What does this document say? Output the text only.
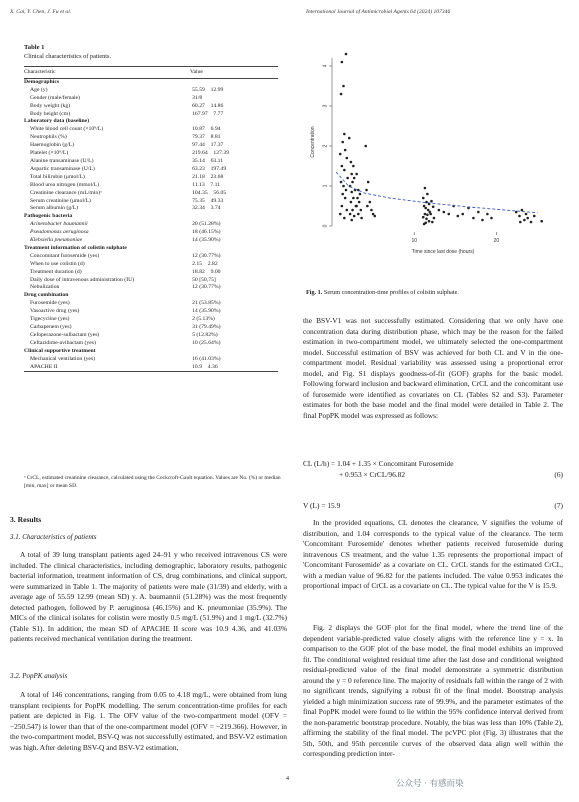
X. Cai, Y. Chen, J. Fu et al.	International Journal of Antimicrobial Agents 64 (2024) 107346
Table 1
Clinical characteristics of patients.
Characteristic	Value
Demographics
Age (y)	55.59    12.99
Gender (male/female)	31/8
Body weight (kg)	60.27    14.86
Body height (cm)	167.97    7.77
Laboratory data (baseline)
White blood cell count (×10⁹/L)	10.87    6.94
Neutrophils (%)	79.37    8.81
Haemoglobin (g/L)	97.44    17.37
Platelet (×10⁹/L)	219.64    127.39
Alanine transaminase (U/L)	35.14    63.11
Aspartic transaminase (U/L)	63.23    197.49
Total bilirubin (μmol/L)	21.18    23.68
Blood urea nitrogen (mmol/L)	11.13    7.11
Creatinine clearance (mL/min)ᵃ	104.35    56.05
Serum creatinine (μmol/L)	75.35    49.33
Serum albumin (g/L)	32.34    3.74
Pathogenic bacteria
Acinetobacter baumannii	20 (51.28%)
Pseudomonas aeruginosa	18 (46.15%)
Klebsiella pneumoniae	14 (35.90%)
Treatment information of colistin sulphate
Concomitant furosemide (yes)	12 (30.77%)
When to use colistin (d)	2.15    2.82
Treatment duration (d)	18.82    9.00
Daily dose of intravenous administration (IU)	50 [50,75]
Nebulization	12 (30.77%)
Drug combination
Furosemide (yes)	21 (53.85%)
Vasoactive drug (yes)	14 (35.90%)
Tigecycline (yes)	2 (5.13%)
Carbapenem (yes)	31 (79.49%)
Cefoperazone-sulbactam (yes)	5 (12.82%)
Ceftazidime-avibactam (yes)	10 (25.64%)
Clinical supportive treatment
Mechanical ventilation (yes)	16 (41.03%)
APACHE II	10.9    4.36
ᵃ CrCL, estimated creatinine clearance, calculated using the Cockcroft-Gault equation. Values are No. (%) or median [min, max] or mean SD.
3. Results
3.1. Characteristics of patients
A total of 39 lung transplant patients aged 24–91 y who received intravenous CS were included. The clinical characteristics, including demographic, laboratory results, pathogenic bacterial information, treatment information of CS, drug combinations, and clinical support, were summarized in Table 1. The majority of patients were male (31/39) and elderly, with a average age of 55.59 12.99 (mean SD) y. A. baumannii (51.28%) was the most frequently detected pathogen, followed by P. aeruginosa (46.15%) and K. pneumoniae (35.9%). The MICs of the clinical isolates for colistin were mostly 0.5 mg/L (51.9%) and 1 mg/L (32.7%) (Table S1). In addition, the mean SD of APACHE II score was 10.9 4.36, and 41.03% patients received mechanical ventilation during the treatment.
3.2. PopPK analysis
A total of 146 concentrations, ranging from 0.05 to 4.18 mg/L, were obtained from lung transplant recipients for PopPK modelling. The serum concentration-time profiles for each patient are depicted in Fig. 1. The OFV value of the two-compartment model (OFV = −250.547) is lower than that of the one-compartment model (OFV = −219.366). However, in the two-compartment model, BSV-Q was not successfully estimated, and BSV-V2 estimation was high. After deleting BSV-Q and BSV-V2 estimation,
0
1
2
3
4
10	20
Concentration
Time since last dose (hours)
Fig. 1. Serum concentration-time profiles of colistin sulphate.
the BSV-V1 was not successfully estimated. Considering that we only have one concentration data during distribution phase, which may be the reason for the failed estimation in two-compartment model, we ultimately selected the one-compartment model. Successful estimation of BSV was achieved for both CL and V in the one-compartment model. Residual variability was assessed using a proportional error model, and Fig. S1 displays goodness-of-fit (GOF) graphs for the basic model. Following forward inclusion and backward elimination, CrCL and the concomitant use of furosemide were identified as covariates on CL (Tables S2 and S3). Parameter estimates for both the base model and the final model were detailed in Table 2. The final PopPK model was expressed as follows:
CL (L/h) = 1.04 + 1.35 × Concomitant Furosemide
+ 0.953 × CrCL/96.82	(6)
V (L) = 15.9	(7)
In the provided equations, CL denotes the clearance, V signifies the volume of distribution, and 1.04 corresponds to the typical value of the clearance. The term 'Concomitant Furosemide' denotes whether patients received furosemide during intravenous CS treatment, and the value 1.35 represents the proportional impact of 'Concomitant Furosemide' as a covariate on CL. CrCL stands for the estimated CrCL, with a median value of 96.82 for the patients included. The value 0.953 indicates the proportional impact of CrCL as a covariate on CL. The typical value for the V is 15.9.
Fig. 2 displays the GOF plot for the final model, where the trend line of the dependent variable-predicted value closely aligns with the reference line y = x. In comparison to the GOF plot of the base model, the final model exhibits an improved fit. The conditional weighted residual time after the last dose and conditional weighted residual-predicted value of the final model demonstrate a symmetric distribution around the y = 0 reference line. The majority of residuals fall within the range of 2 with no significant trends, signifying a robust fit of the final model. Bootstrap analysis yielded a high minimization success rate of 99.9%, and the parameter estimates of the final PopPK model were found to lie within the 95% confidence interval derived from the non-parametric bootstrap procedure. Notably, the bias was less than 10% (Table 2), affirming the stability of the final model. The pcVPC plot (Fig. 3) illustrates that the 5th, 50th, and 95th percentile curves of the observed data align well within the corresponding prediction inter-
4	公众号 · 有感而染
